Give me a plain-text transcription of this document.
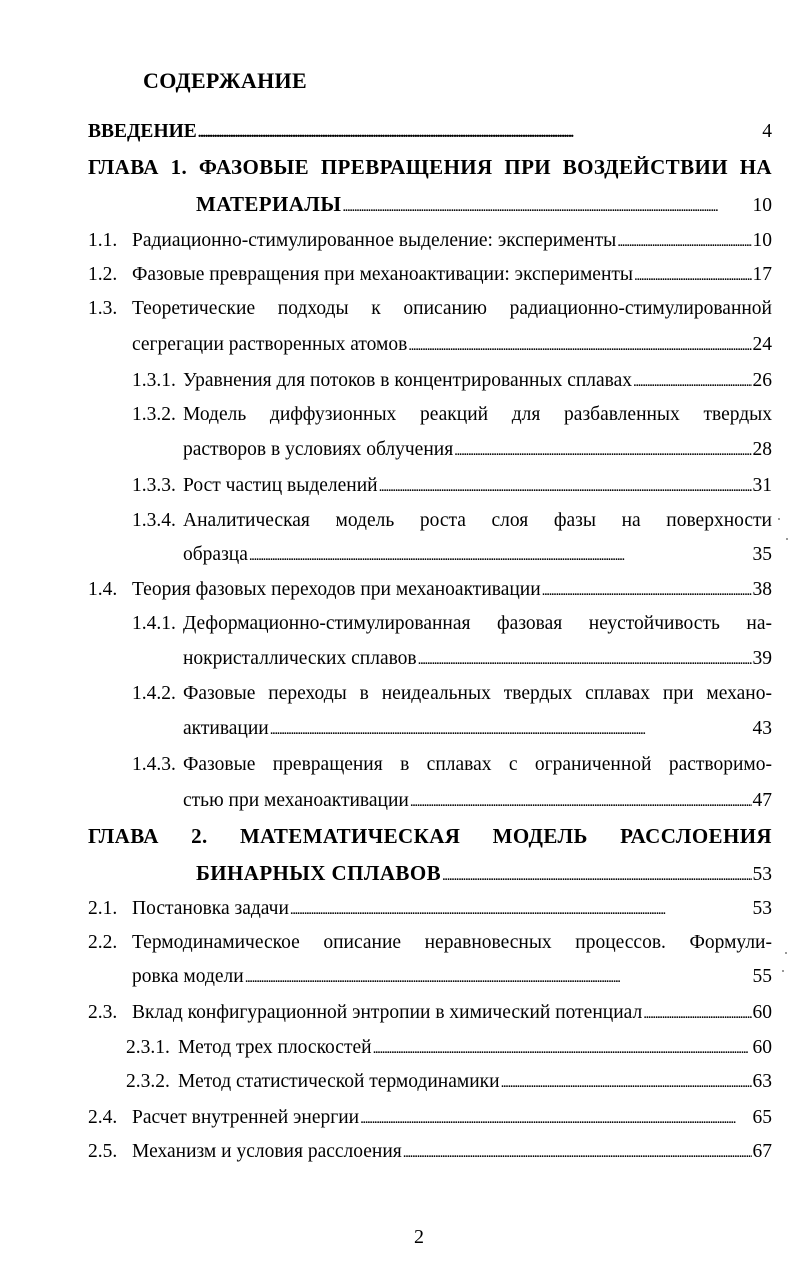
СОДЕРЖАНИЕ
ВВЕДЕНИЕ . . .	4
ГЛАВА 1. ФАЗОВЫЕ ПРЕВРАЩЕНИЯ ПРИ ВОЗДЕЙСТВИИ НА
МАТЕРИАЛЫ . . .	10
1.1. Радиационно-стимулированное выделение: эксперименты . . .	10
1.2. Фазовые превращения при механоактивации: эксперименты . . .	17
1.3. Теоретические подходы к описанию радиационно-стимулированной
сегрегации растворенных атомов . . .	24
1.3.1. Уравнения для потоков в концентрированных сплавах . . .	26
1.3.2. Модель диффузионных реакций для разбавленных твердых
растворов в условиях облучения . . .	28
1.3.3. Рост частиц выделений . . .	31
1.3.4. Аналитическая модель роста слоя фазы на поверхности
образца . . .	35
1.4. Теория фазовых переходов при механоактивации . . .	38
1.4.1. Деформационно-стимулированная фазовая неустойчивость на-
нокристаллических сплавов . . .	39
1.4.2. Фазовые переходы в неидеальных твердых сплавах при механо-
активации . . .	43
1.4.3. Фазовые превращения в сплавах с ограниченной растворимо-
стью при механоактивации . . .	47
ГЛАВА 2. МАТЕМАТИЧЕСКАЯ МОДЕЛЬ РАССЛОЕНИЯ
БИНАРНЫХ СПЛАВОВ . . .	53
2.1. Постановка задачи . . .	53
2.2. Термодинамическое описание неравновесных процессов. Формули-
ровка модели . . .	55
2.3. Вклад конфигурационной энтропии в химический потенциал . . .	60
2.3.1. Метод трех плоскостей . . .	60
2.3.2. Метод статистической термодинамики . . .	63
2.4. Расчет внутренней энергии . . .	65
2.5. Механизм и условия расслоения . . .	67
2
